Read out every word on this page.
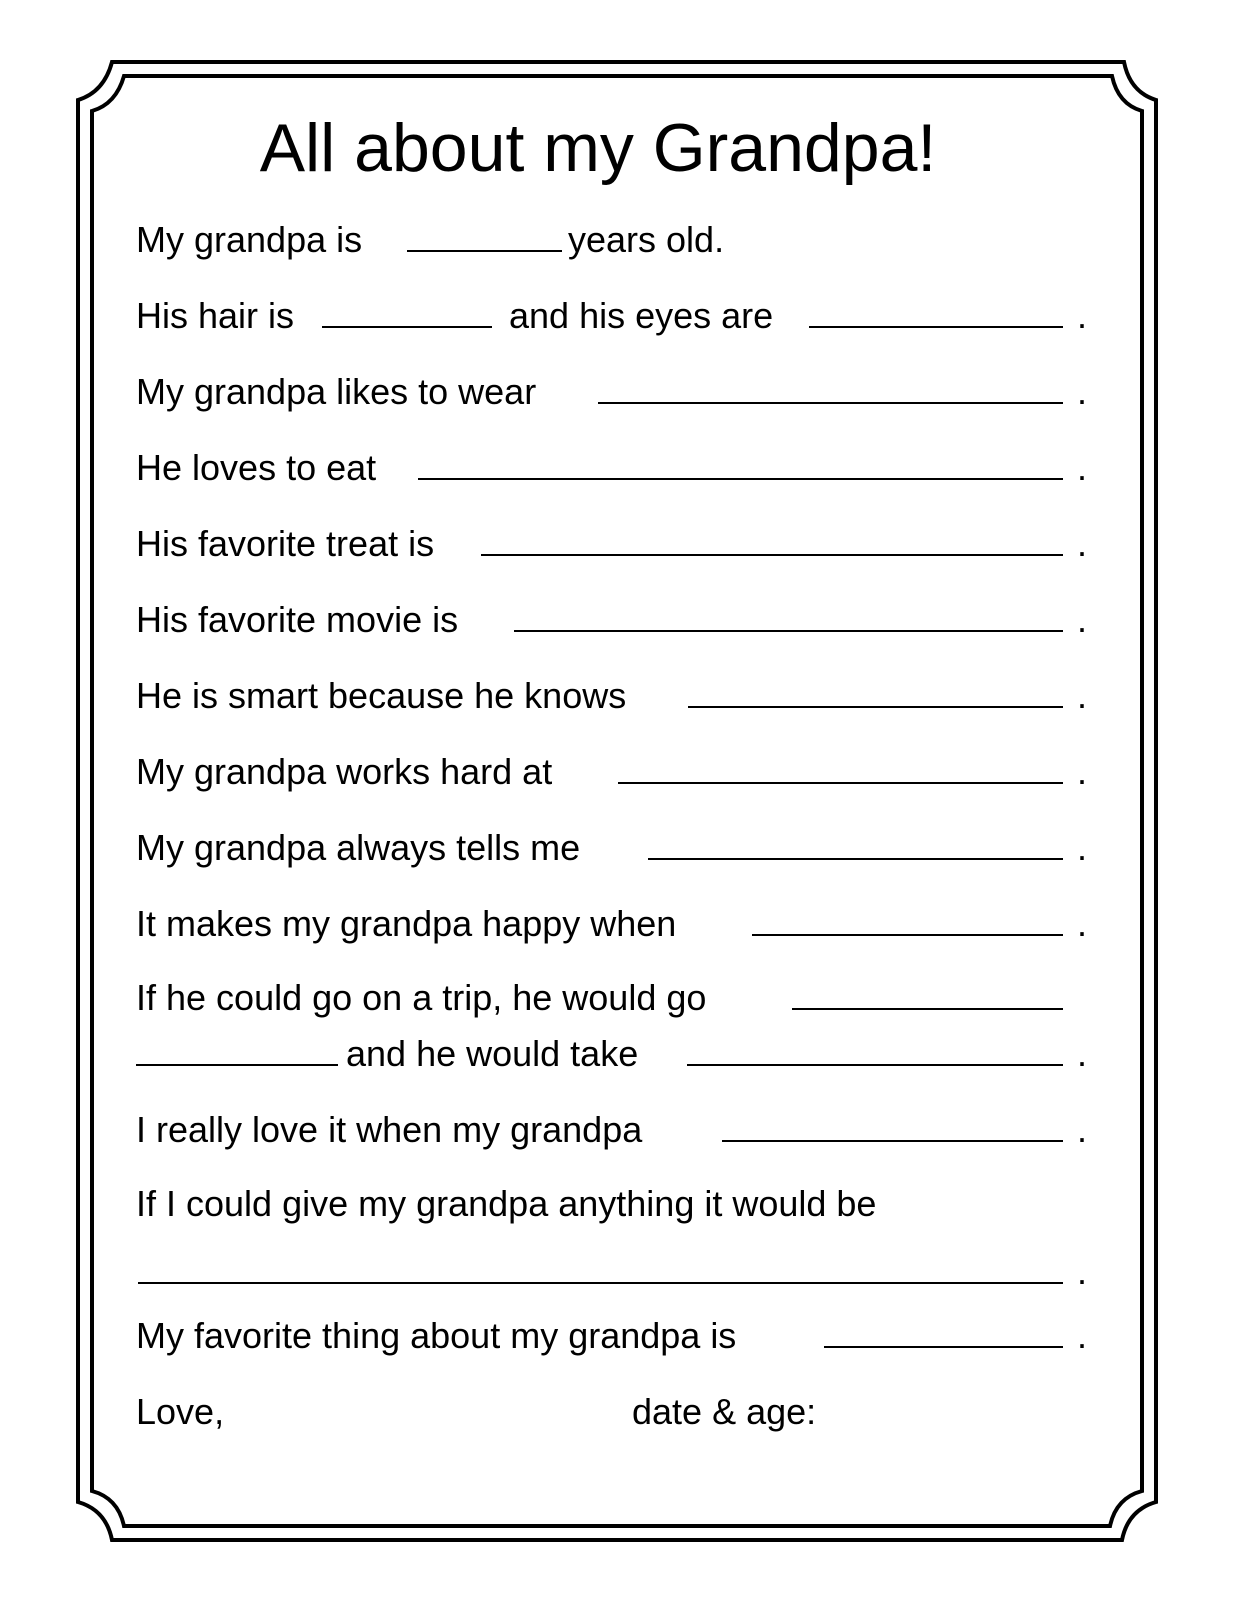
All about my Grandpa!
My grandpa is	years old.
His hair is	and his eyes are	.
My grandpa likes to wear	.
He loves to eat	.
His favorite treat is	.
His favorite movie is	.
He is smart because he knows	.
My grandpa works hard at	.
My grandpa always tells me	.
It makes my grandpa happy when	.
If he could go on a trip, he would go
and he would take	.
I really love it when my grandpa	.
If I could give my grandpa anything it would be
.
My favorite thing about my grandpa is	.
Love,	date & age:
